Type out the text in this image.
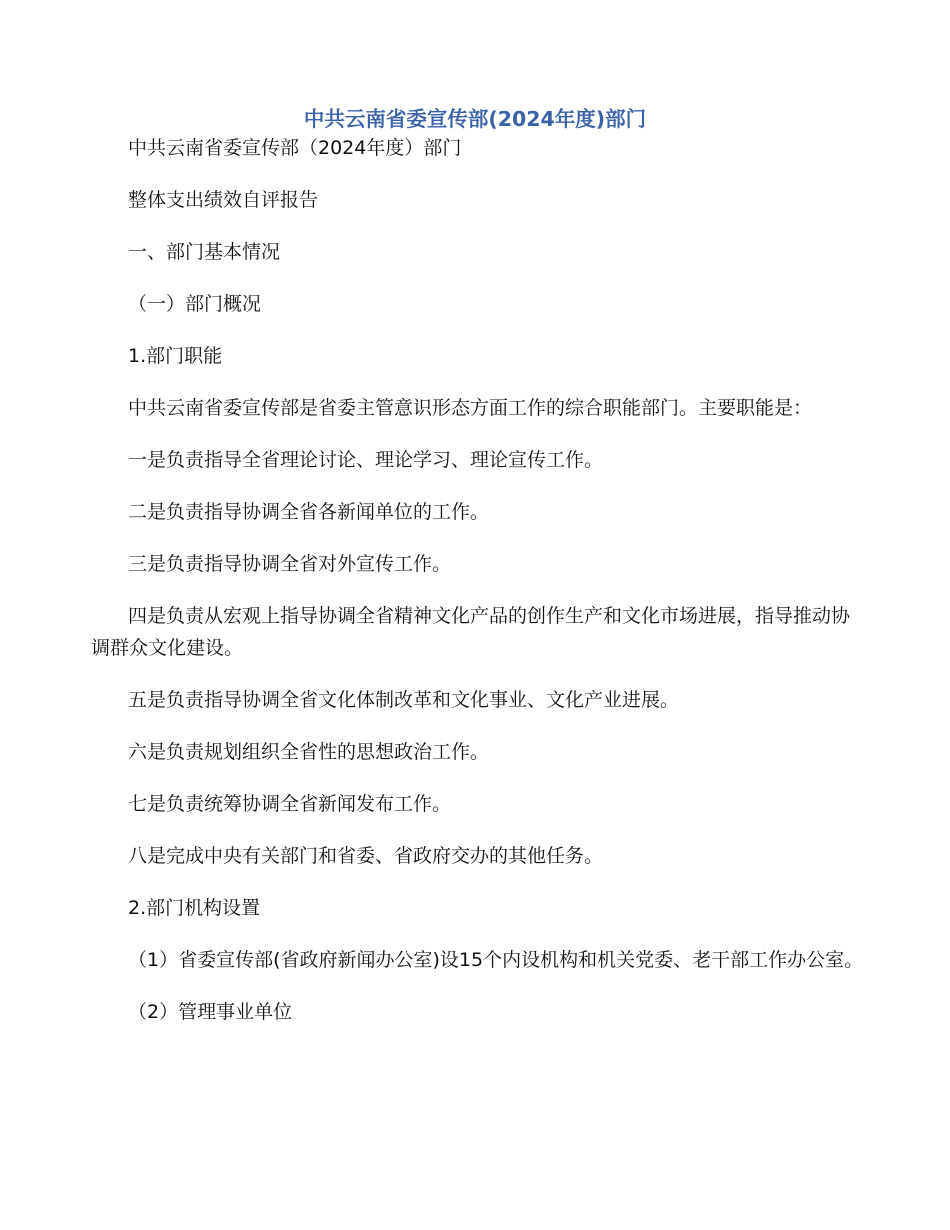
中共云南省委宣传部(2024年度)部门

中共云南省委宣传部（2024年度）部门

整体支出绩效自评报告

一、部门基本情况

（一）部门概况

1.部门职能

中共云南省委宣传部是省委主管意识形态方面工作的综合职能部门。主要职能是：

一是负责指导全省理论讨论、理论学习、理论宣传工作。

二是负责指导协调全省各新闻单位的工作。

三是负责指导协调全省对外宣传工作。

四是负责从宏观上指导协调全省精神文化产品的创作生产和文化市场进展，指导推动协调群众文化建设。

五是负责指导协调全省文化体制改革和文化事业、文化产业进展。

六是负责规划组织全省性的思想政治工作。

七是负责统筹协调全省新闻发布工作。

八是完成中央有关部门和省委、省政府交办的其他任务。

2.部门机构设置

（1）省委宣传部(省政府新闻办公室)设15个内设机构和机关党委、老干部工作办公室。

（2）管理事业单位
